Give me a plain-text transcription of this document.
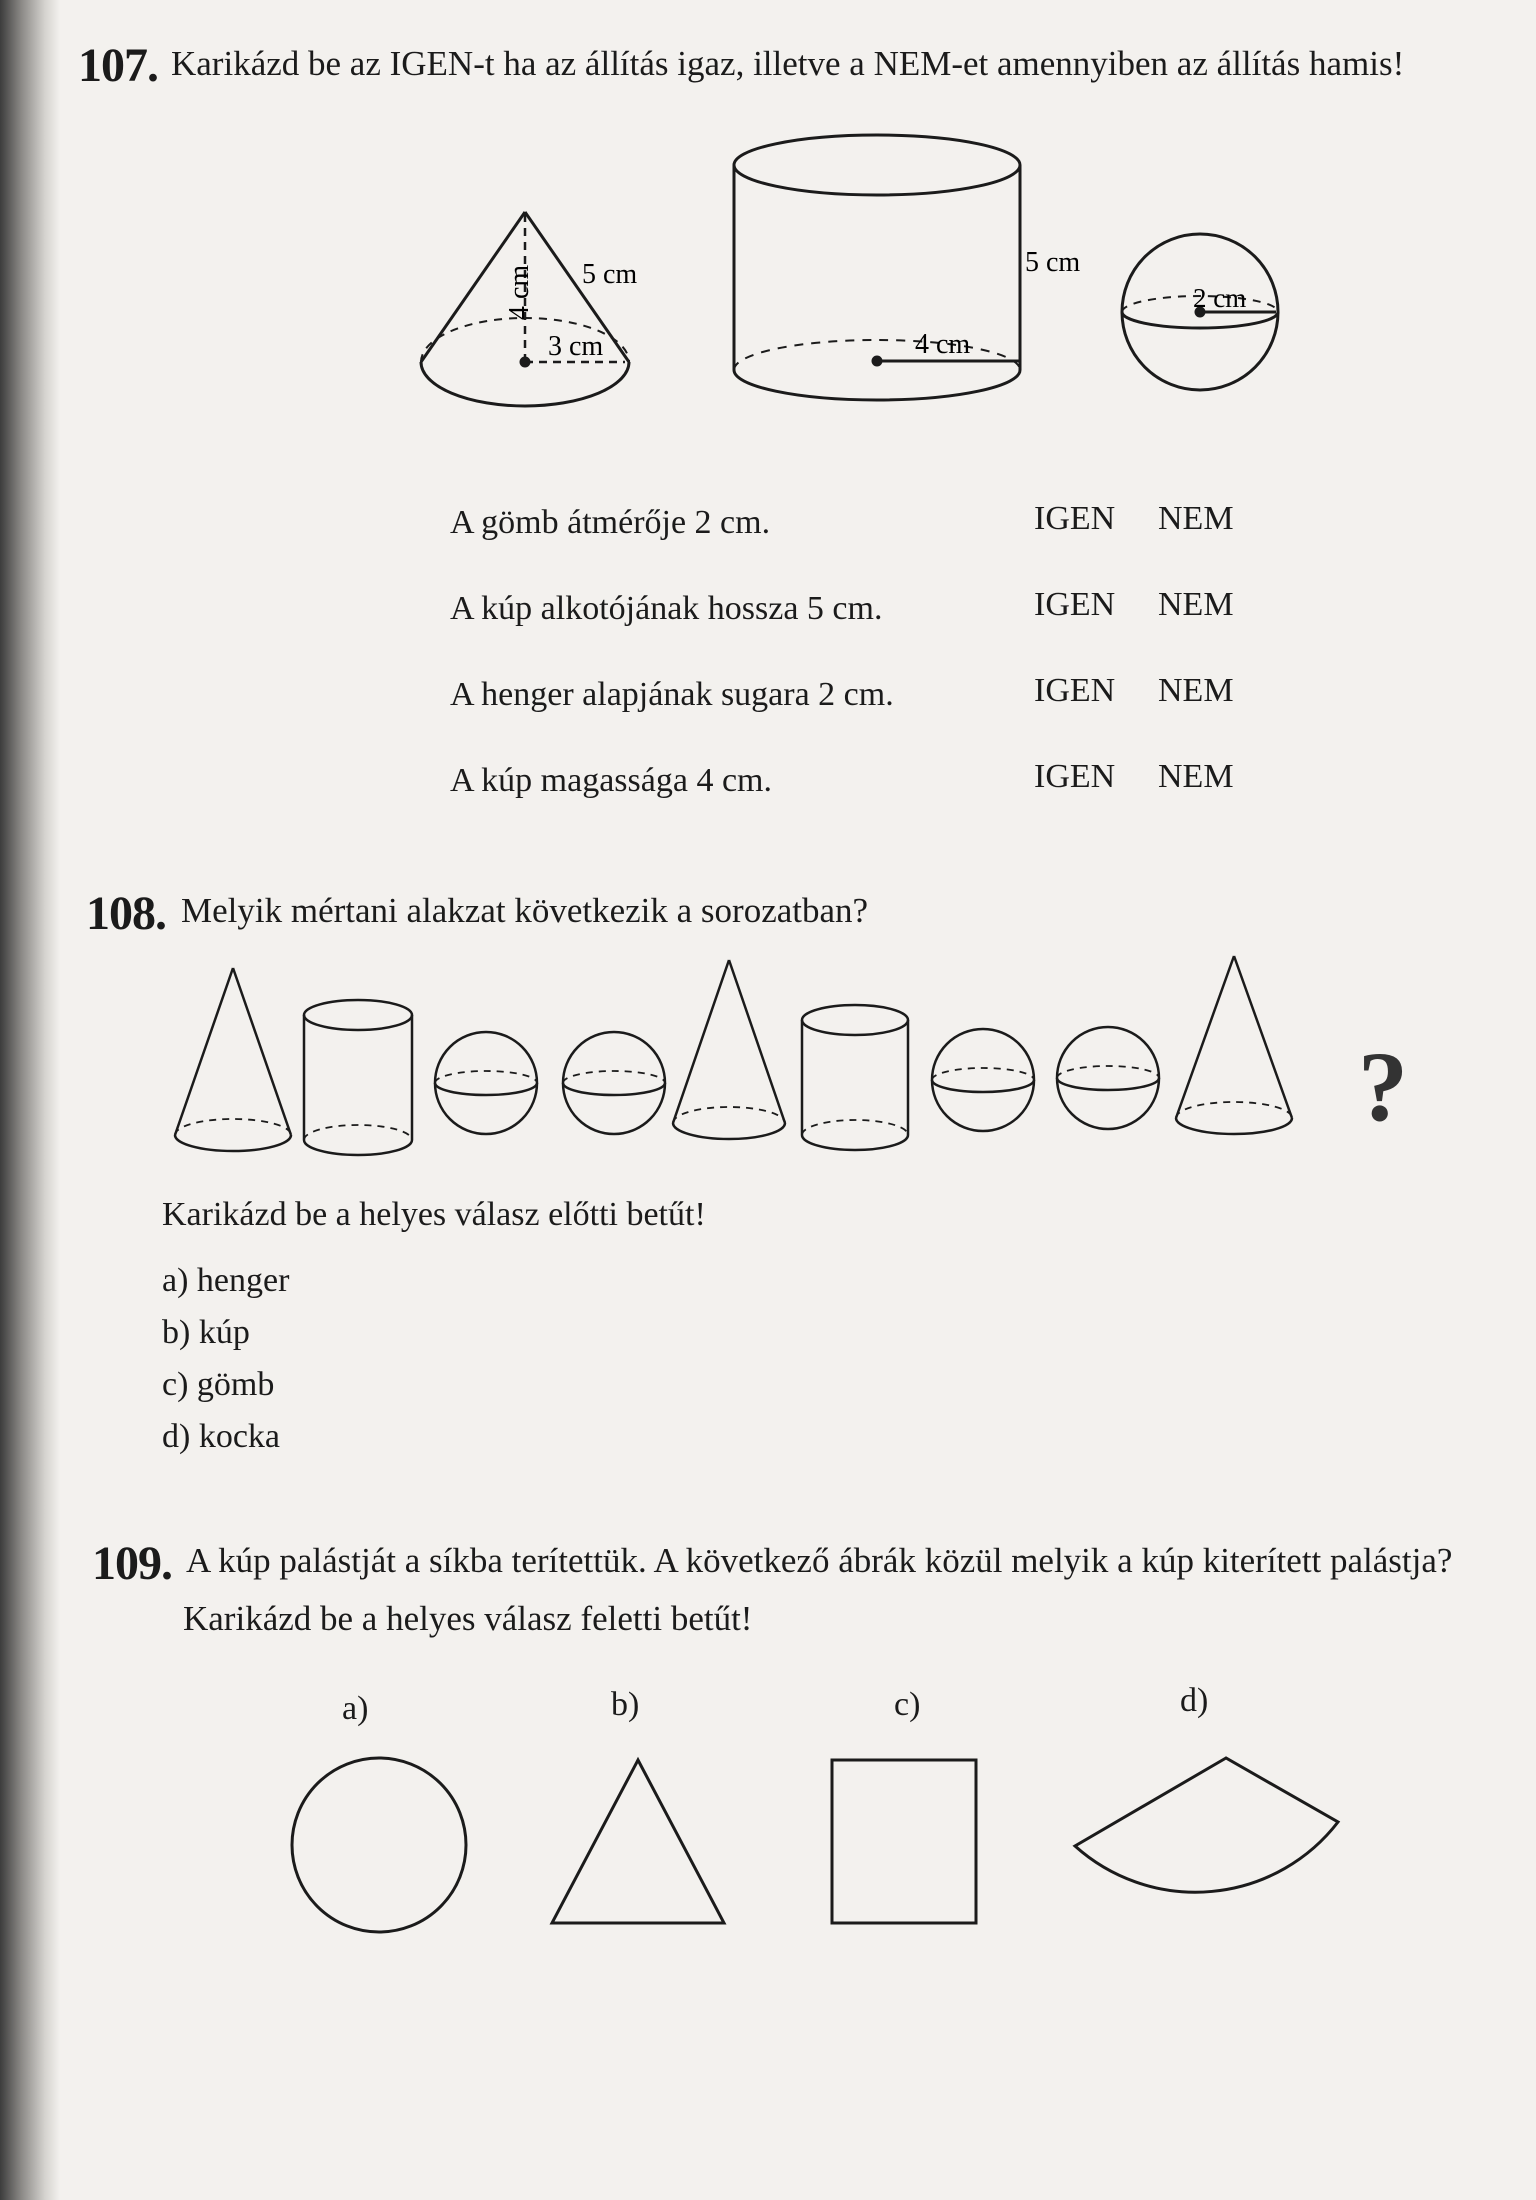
107. Karikázd be az IGEN-t ha az állítás igaz, illetve a NEM-et amennyiben az állítás hamis!
4 cm 5 cm
3 cm
5 cm
4 cm
2 cm
A gömb átmérője 2 cm.	IGEN NEM
A kúp alkotójának hossza 5 cm.	IGEN NEM
A henger alapjának sugara 2 cm.	IGEN NEM
A kúp magassága 4 cm.	IGEN NEM
108. Melyik mértani alakzat következik a sorozatban?
?
Karikázd be a helyes válasz előtti betűt!
a) henger
b) kúp
c) gömb
d) kocka
109. A kúp palástját a síkba terítettük. A következő ábrák közül melyik a kúp kiterített palástja?
Karikázd be a helyes válasz feletti betűt!
a)	b)	c)	d)
